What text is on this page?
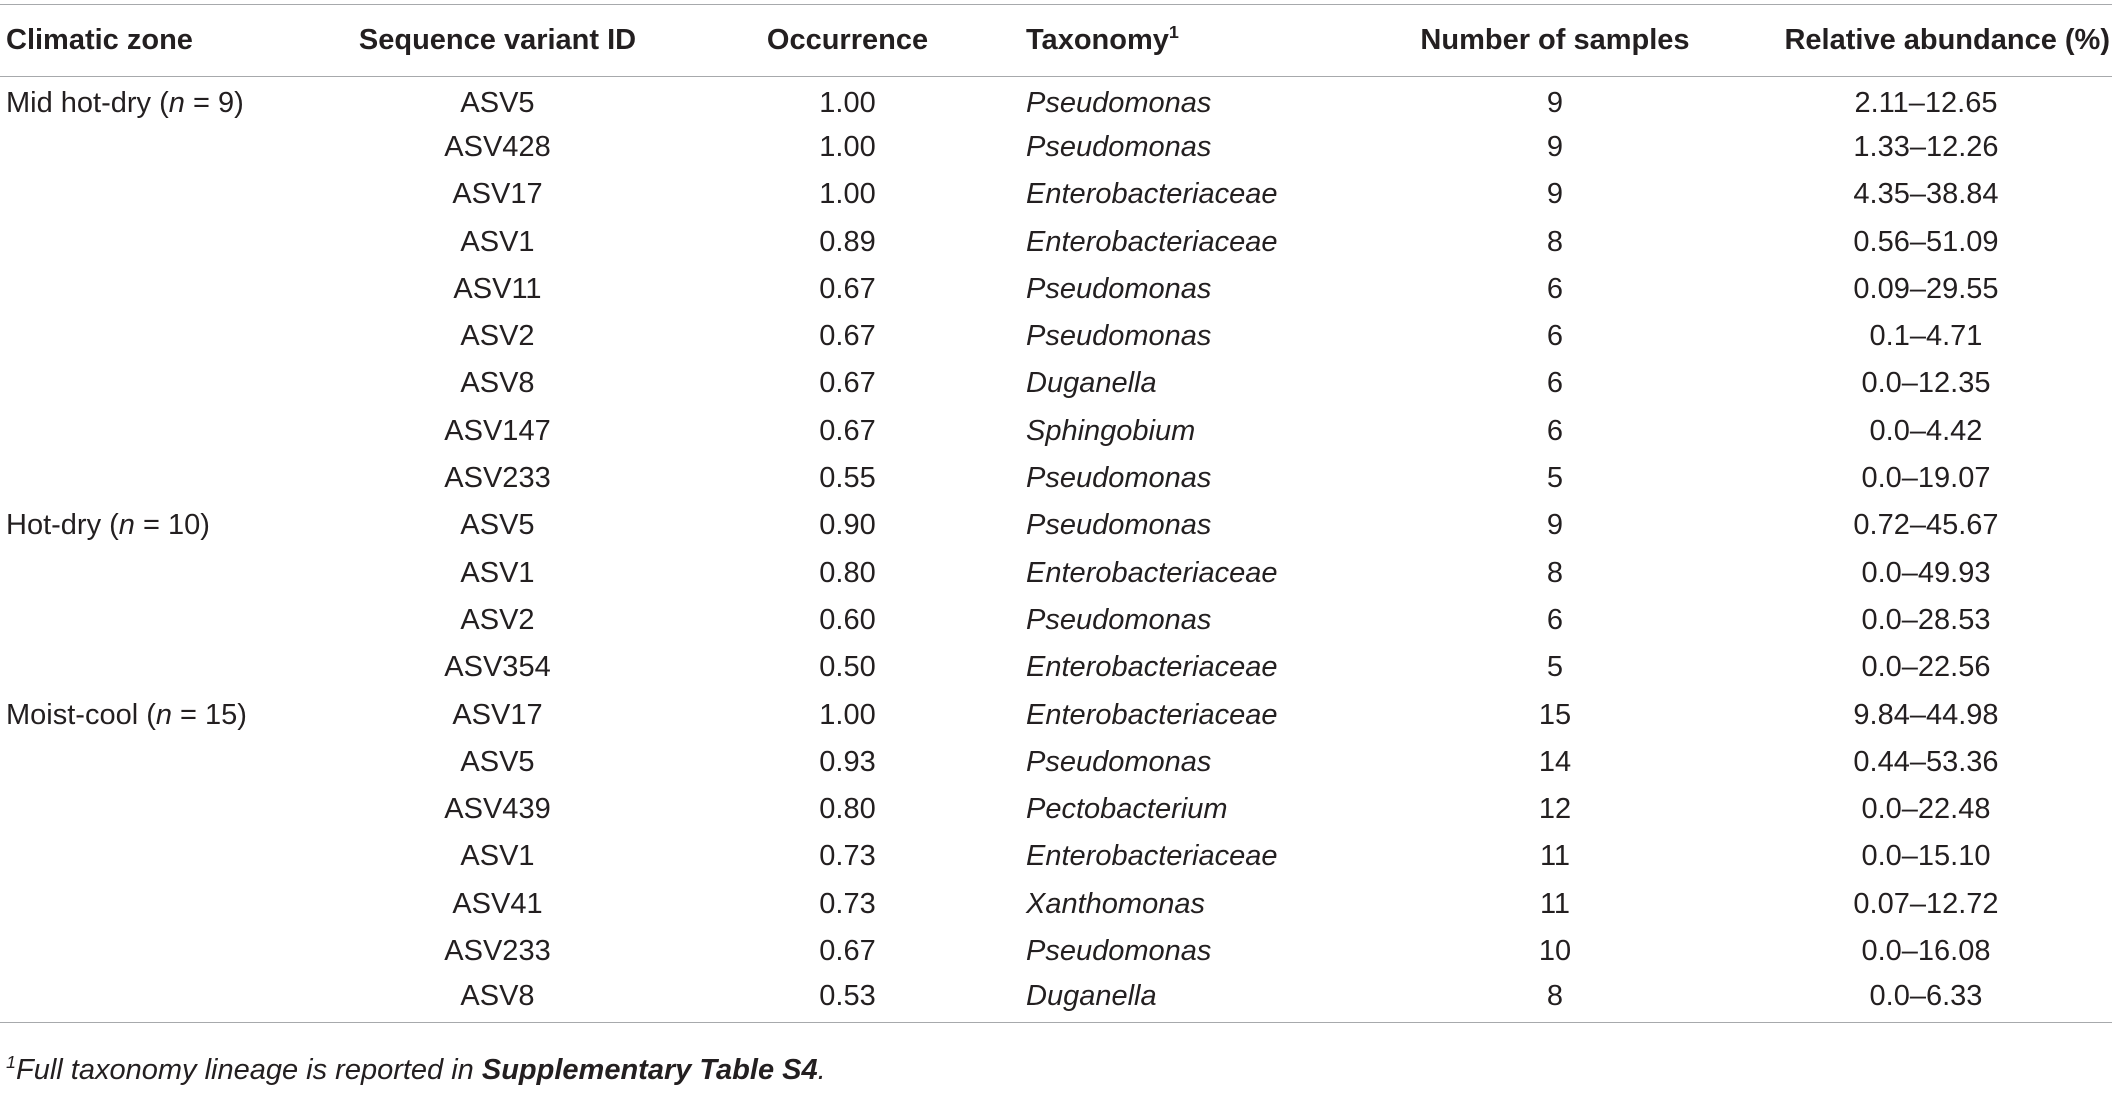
Climatic zone	Sequence variant ID	Occurrence	Taxonomy$^1$	Number of samples	Relative abundance (%)
Mid hot-dry (n = 9)	ASV5	1.00	Pseudomonas	9	2.11–12.65
	ASV428	1.00	Pseudomonas	9	1.33–12.26
	ASV17	1.00	Enterobacteriaceae	9	4.35–38.84
	ASV1	0.89	Enterobacteriaceae	8	0.56–51.09
	ASV11	0.67	Pseudomonas	6	0.09–29.55
	ASV2	0.67	Pseudomonas	6	0.1–4.71
	ASV8	0.67	Duganella	6	0.0–12.35
	ASV147	0.67	Sphingobium	6	0.0–4.42
	ASV233	0.55	Pseudomonas	5	0.0–19.07
Hot-dry (n = 10)	ASV5	0.90	Pseudomonas	9	0.72–45.67
	ASV1	0.80	Enterobacteriaceae	8	0.0–49.93
	ASV2	0.60	Pseudomonas	6	0.0–28.53
	ASV354	0.50	Enterobacteriaceae	5	0.0–22.56
Moist-cool (n = 15)	ASV17	1.00	Enterobacteriaceae	15	9.84–44.98
	ASV5	0.93	Pseudomonas	14	0.44–53.36
	ASV439	0.80	Pectobacterium	12	0.0–22.48
	ASV1	0.73	Enterobacteriaceae	11	0.0–15.10
	ASV41	0.73	Xanthomonas	11	0.07–12.72
	ASV233	0.67	Pseudomonas	10	0.0–16.08
	ASV8	0.53	Duganella	8	0.0–6.33
$^1$Full taxonomy lineage is reported in Supplementary Table S4.
